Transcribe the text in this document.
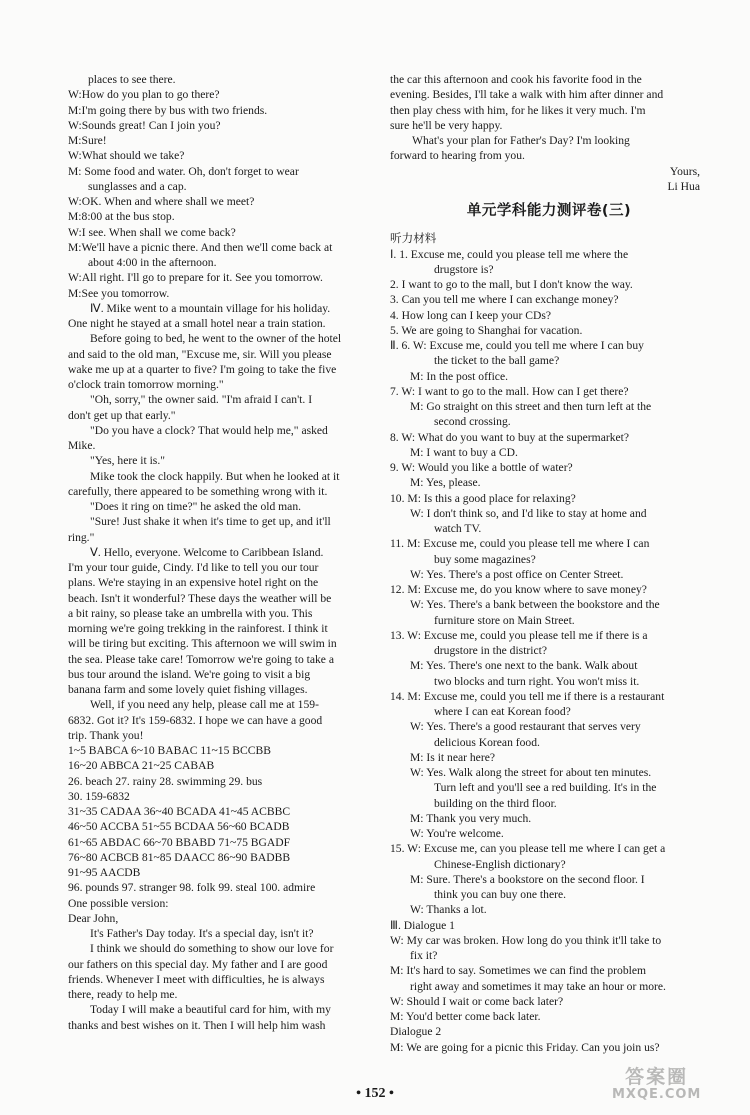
places to see there.

W:How do you plan to go there?

M:I'm going there by bus with two friends.

W:Sounds great! Can I join you?

M:Sure!

W:What should we take?

M: Some food and water. Oh, don't forget to wear

sunglasses and a cap.

W:OK. When and where shall we meet?

M:8:00 at the bus stop.

W:I see. When shall we come back?

M:We'll have a picnic there. And then we'll come back at

about 4:00 in the afternoon.

W:All right. I'll go to prepare for it. See you tomorrow.

M:See you tomorrow.

Ⅳ. Mike went to a mountain village for his holiday.

One night he stayed at a small hotel near a train station.

Before going to bed, he went to the owner of the hotel

and said to the old man, "Excuse me, sir. Will you please

wake me up at a quarter to five? I'm going to take the five

o'clock train tomorrow morning."

"Oh, sorry," the owner said. "I'm afraid I can't. I

don't get up that early."

"Do you have a clock? That would help me," asked

Mike.

"Yes, here it is."

Mike took the clock happily. But when he looked at it

carefully, there appeared to be something wrong with it.

"Does it ring on time?" he asked the old man.

"Sure! Just shake it when it's time to get up, and it'll

ring."

Ⅴ. Hello, everyone. Welcome to Caribbean Island.

I'm your tour guide, Cindy. I'd like to tell you our tour

plans. We're staying in an expensive hotel right on the

beach. Isn't it wonderful? These days the weather will be

a bit rainy, so please take an umbrella with you. This

morning we're going trekking in the rainforest. I think it

will be tiring but exciting. This afternoon we will swim in

the sea. Please take care! Tomorrow we're going to take a

bus tour around the island. We're going to visit a big

banana farm and some lovely quiet fishing villages.

Well, if you need any help, please call me at 159-

6832. Got it? It's 159-6832. I hope we can have a good

trip. Thank you!

1~5 BABCA 6~10 BABAC 11~15 BCCBB

16~20 ABBCA 21~25 CABAB

26. beach 27. rainy 28. swimming 29. bus

30. 159-6832

31~35 CADAA 36~40 BCADA 41~45 ACBBC

46~50 ACCBA 51~55 BCDAA 56~60 BCADB

61~65 ABDAC 66~70 BBABD 71~75 BGADF

76~80 ACBCB 81~85 DAACC 86~90 BADBB

91~95 AACDB

96. pounds 97. stranger 98. folk 99. steal 100. admire

One possible version:

Dear John,

It's Father's Day today. It's a special day, isn't it?

I think we should do something to show our love for

our fathers on this special day. My father and I are good

friends. Whenever I meet with difficulties, he is always

there, ready to help me.

Today I will make a beautiful card for him, with my

thanks and best wishes on it. Then I will help him wash

the car this afternoon and cook his favorite food in the

evening. Besides, I'll take a walk with him after dinner and

then play chess with him, for he likes it very much. I'm

sure he'll be very happy.

What's your plan for Father's Day? I'm looking

forward to hearing from you.

Yours,

Li Hua

单元学科能力测评卷(三)

听力材料

Ⅰ. 1. Excuse me, could you please tell me where the

drugstore is?

2. I want to go to the mall, but I don't know the way.

3. Can you tell me where I can exchange money?

4. How long can I keep your CDs?

5. We are going to Shanghai for vacation.

Ⅱ. 6. W: Excuse me, could you tell me where I can buy

the ticket to the ball game?

M: In the post office.

7. W: I want to go to the mall. How can I get there?

M: Go straight on this street and then turn left at the

second crossing.

8. W: What do you want to buy at the supermarket?

M: I want to buy a CD.

9. W: Would you like a bottle of water?

M: Yes, please.

10. M: Is this a good place for relaxing?

W: I don't think so, and I'd like to stay at home and

watch TV.

11. M: Excuse me, could you please tell me where I can

buy some magazines?

W: Yes. There's a post office on Center Street.

12. M: Excuse me, do you know where to save money?

W: Yes. There's a bank between the bookstore and the

furniture store on Main Street.

13. W: Excuse me, could you please tell me if there is a

drugstore in the district?

M: Yes. There's one next to the bank. Walk about

two blocks and turn right. You won't miss it.

14. M: Excuse me, could you tell me if there is a restaurant

where I can eat Korean food?

W: Yes. There's a good restaurant that serves very

delicious Korean food.

M: Is it near here?

W: Yes. Walk along the street for about ten minutes.

Turn left and you'll see a red building. It's in the

building on the third floor.

M: Thank you very much.

W: You're welcome.

15. W: Excuse me, can you please tell me where I can get a

Chinese-English dictionary?

M: Sure. There's a bookstore on the second floor. I

think you can buy one there.

W: Thanks a lot.

Ⅲ. Dialogue 1

W: My car was broken. How long do you think it'll take to

fix it?

M: It's hard to say. Sometimes we can find the problem

right away and sometimes it may take an hour or more.

W: Should I wait or come back later?

M: You'd better come back later.

Dialogue 2

M: We are going for a picnic this Friday. Can you join us?

• 152 •
答案圈
MXQE.COM
